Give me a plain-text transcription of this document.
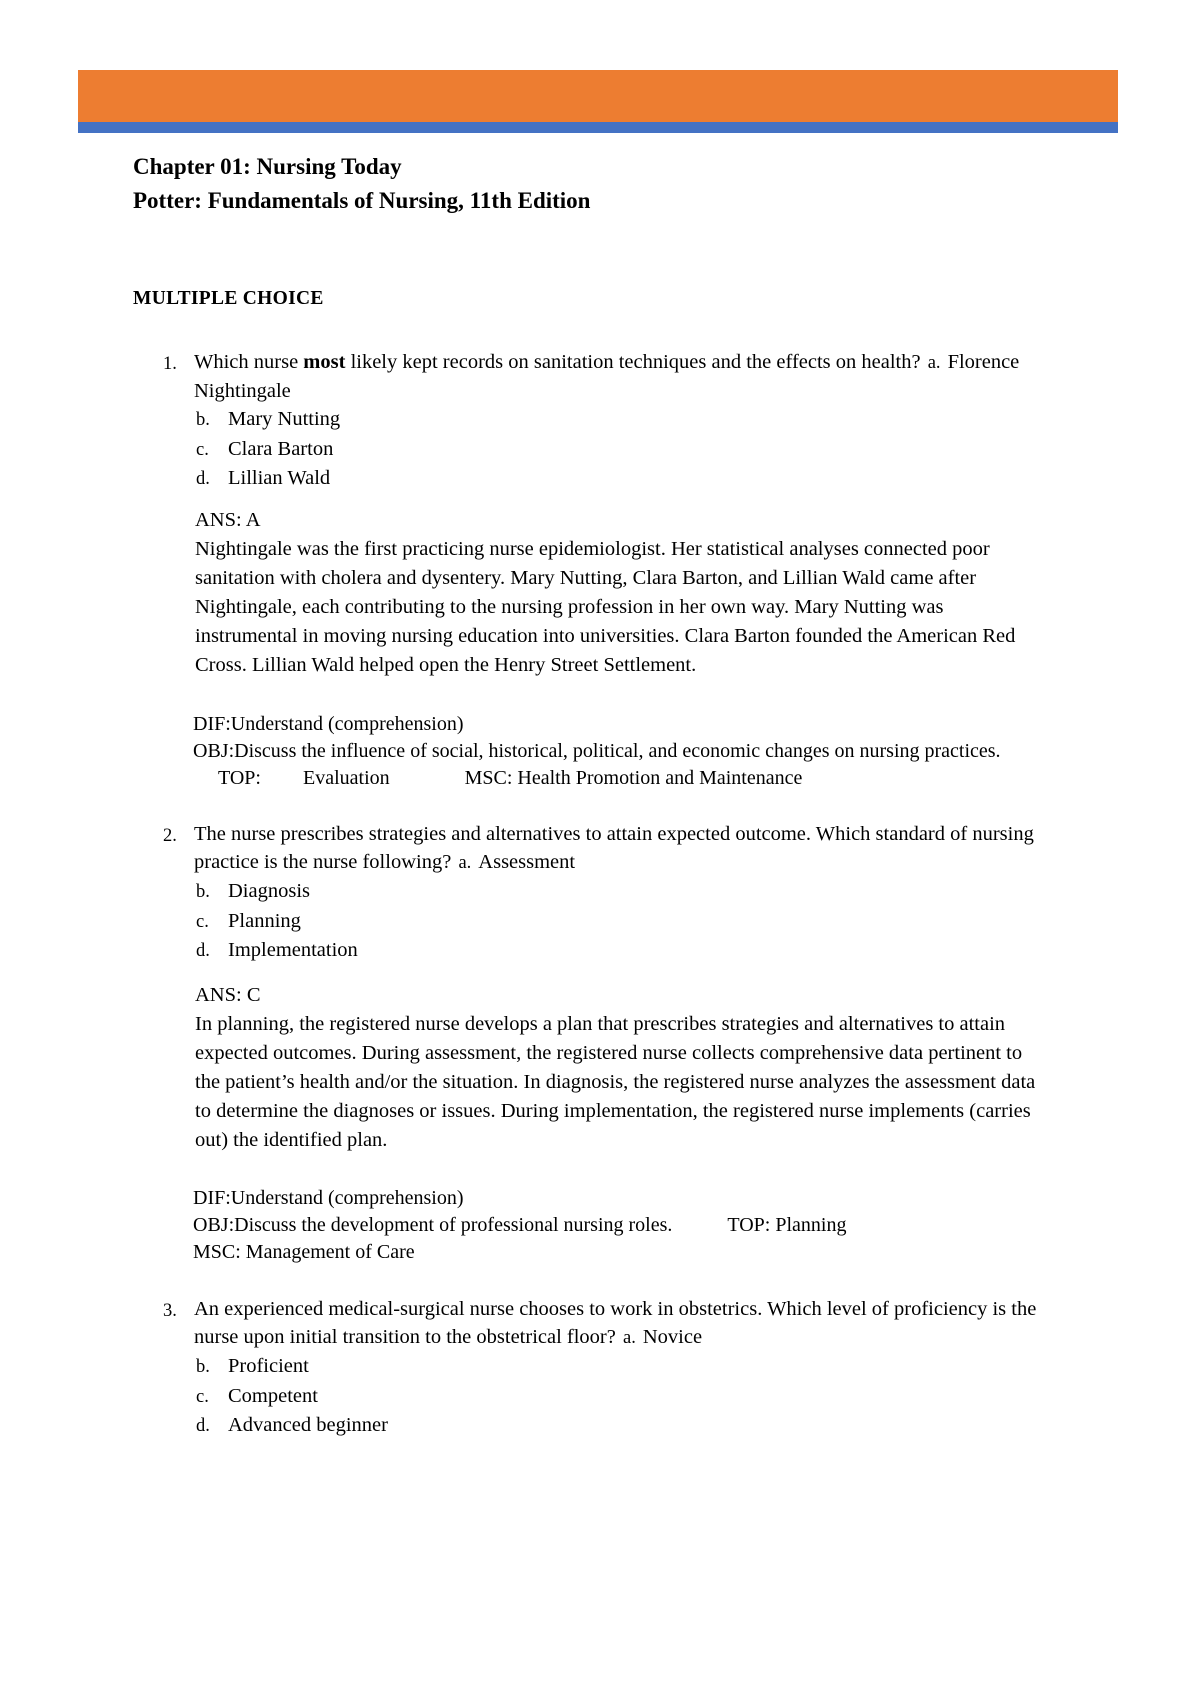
Chapter 01: Nursing Today
Potter: Fundamentals of Nursing, 11th Edition
MULTIPLE CHOICE
1. Which nurse most likely kept records on sanitation techniques and the effects on health? a. Florence Nightingale
b. Mary Nutting
c. Clara Barton
d. Lillian Wald
ANS: A
Nightingale was the first practicing nurse epidemiologist. Her statistical analyses connected poor sanitation with cholera and dysentery. Mary Nutting, Clara Barton, and Lillian Wald came after Nightingale, each contributing to the nursing profession in her own way. Mary Nutting was instrumental in moving nursing education into universities. Clara Barton founded the American Red Cross. Lillian Wald helped open the Henry Street Settlement.
DIF:Understand (comprehension)
OBJ:Discuss the influence of social, historical, political, and economic changes on nursing practices.
TOP: Evaluation	MSC: Health Promotion and Maintenance
2. The nurse prescribes strategies and alternatives to attain expected outcome. Which standard of nursing practice is the nurse following? a. Assessment
b. Diagnosis
c. Planning
d. Implementation
ANS: C
In planning, the registered nurse develops a plan that prescribes strategies and alternatives to attain expected outcomes. During assessment, the registered nurse collects comprehensive data pertinent to the patient’s health and/or the situation. In diagnosis, the registered nurse analyzes the assessment data to determine the diagnoses or issues. During implementation, the registered nurse implements (carries out) the identified plan.
DIF:Understand (comprehension)
OBJ:Discuss the development of professional nursing roles.	TOP: Planning
MSC: Management of Care
3. An experienced medical-surgical nurse chooses to work in obstetrics. Which level of proficiency is the nurse upon initial transition to the obstetrical floor? a. Novice
b. Proficient
c. Competent
d. Advanced beginner
